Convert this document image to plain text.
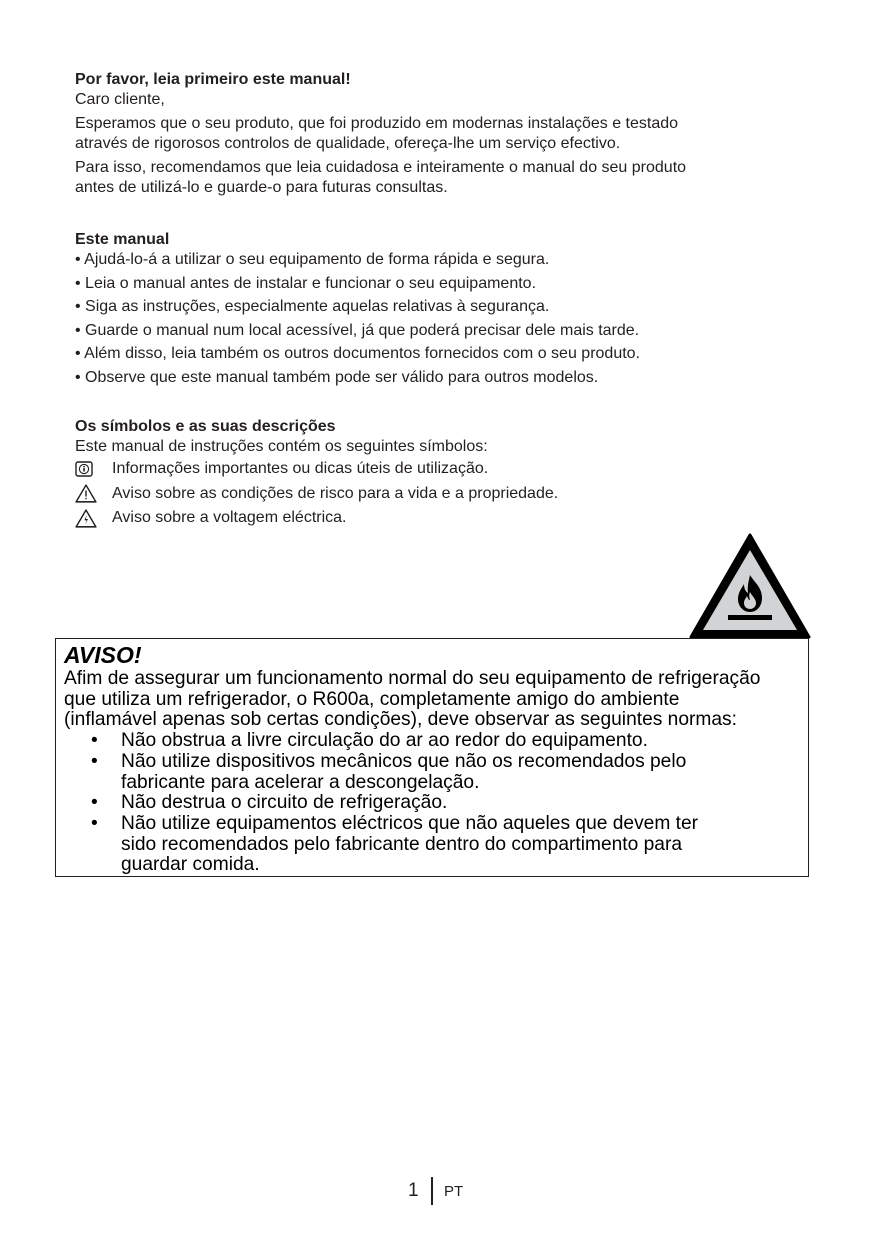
Por favor, leia primeiro este manual!

Caro cliente,

Esperamos que o seu produto, que foi produzido em modernas instalações e testado

através de rigorosos controlos de qualidade, ofereça-lhe um serviço efectivo.

Para isso, recomendamos que leia cuidadosa e inteiramente o manual do seu produto

antes de utilizá-lo e guarde-o para futuras consultas.

Este manual

• Ajudá-lo-á a utilizar o seu equipamento de forma rápida e segura.
• Leia o manual antes de instalar e funcionar o seu equipamento.
• Siga as instruções, especialmente aquelas relativas à segurança.
• Guarde o manual num local acessível, já que poderá precisar dele mais tarde.
• Além disso, leia também os outros documentos fornecidos com o seu produto.
• Observe que este manual também pode ser válido para outros modelos.

Os símbolos e as suas descrições

Este manual de instruções contém os seguintes símbolos:

Informações importantes ou dicas úteis de utilização.
Aviso sobre as condições de risco para a vida e a propriedade.
Aviso sobre a voltagem eléctrica.

AVISO!

Afim de assegurar um funcionamento normal do seu equipamento de refrigeração

que utiliza um refrigerador, o R600a, completamente amigo do ambiente

(inflamável apenas sob certas condições), deve observar as seguintes normas:

• Não obstrua a livre circulação do ar ao redor do equipamento.
• Não utilize dispositivos mecânicos que não os recomendados pelo
fabricante para acelerar a descongelação.
• Não destrua o circuito de refrigeração.
• Não utilize equipamentos eléctricos que não aqueles que devem ter
sido recomendados pelo fabricante dentro do compartimento para
guardar comida.
1 PT
